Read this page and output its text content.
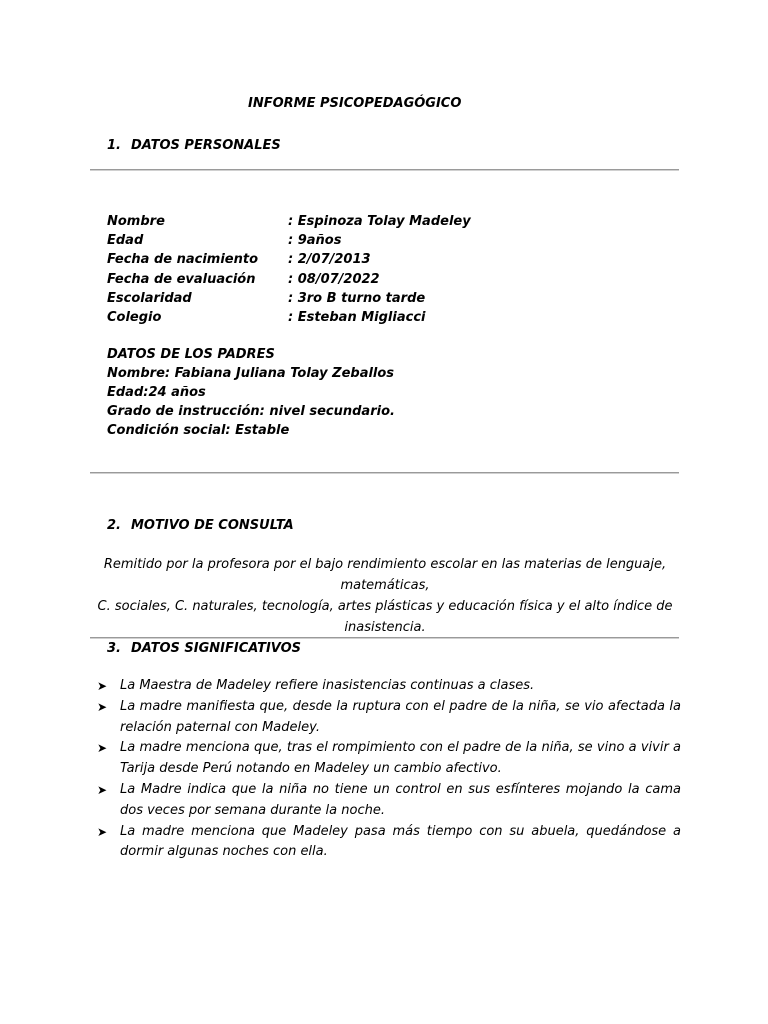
INFORME PSICOPEDAGÓGICO
1. DATOS PERSONALES
Nombre	: Espinoza Tolay Madeley
Edad	: 9años
Fecha de nacimiento : 2/07/2013
Fecha de evaluación	: 08/07/2022
Escolaridad	: 3ro B turno tarde
Colegio	: Esteban Migliacci
DATOS DE LOS PADRES
Nombre: Fabiana Juliana Tolay Zeballos
Edad:24 años
Grado de instrucción: nivel secundario.
Condición social: Estable
2. MOTIVO DE CONSULTA
Remitido por la profesora por el bajo rendimiento escolar en las materias de lenguaje, matemáticas,
C. sociales, C. naturales, tecnología, artes plásticas y educación física y el alto índice de inasistencia.
3. DATOS SIGNIFICATIVOS
➤ La Maestra de Madeley refiere inasistencias continuas a clases.
➤ La madre manifiesta que, desde la ruptura con el padre de la niña, se vio afectada la relación paternal con Madeley.
➤ La madre menciona que, tras el rompimiento con el padre de la niña, se vino a vivir a Tarija desde Perú notando en Madeley un cambio afectivo.
➤ La Madre indica que la niña no tiene un control en sus esfínteres mojando la cama dos veces por semana durante la noche.
➤ La madre menciona que Madeley pasa más tiempo con su abuela, quedándose a dormir algunas noches con ella.
